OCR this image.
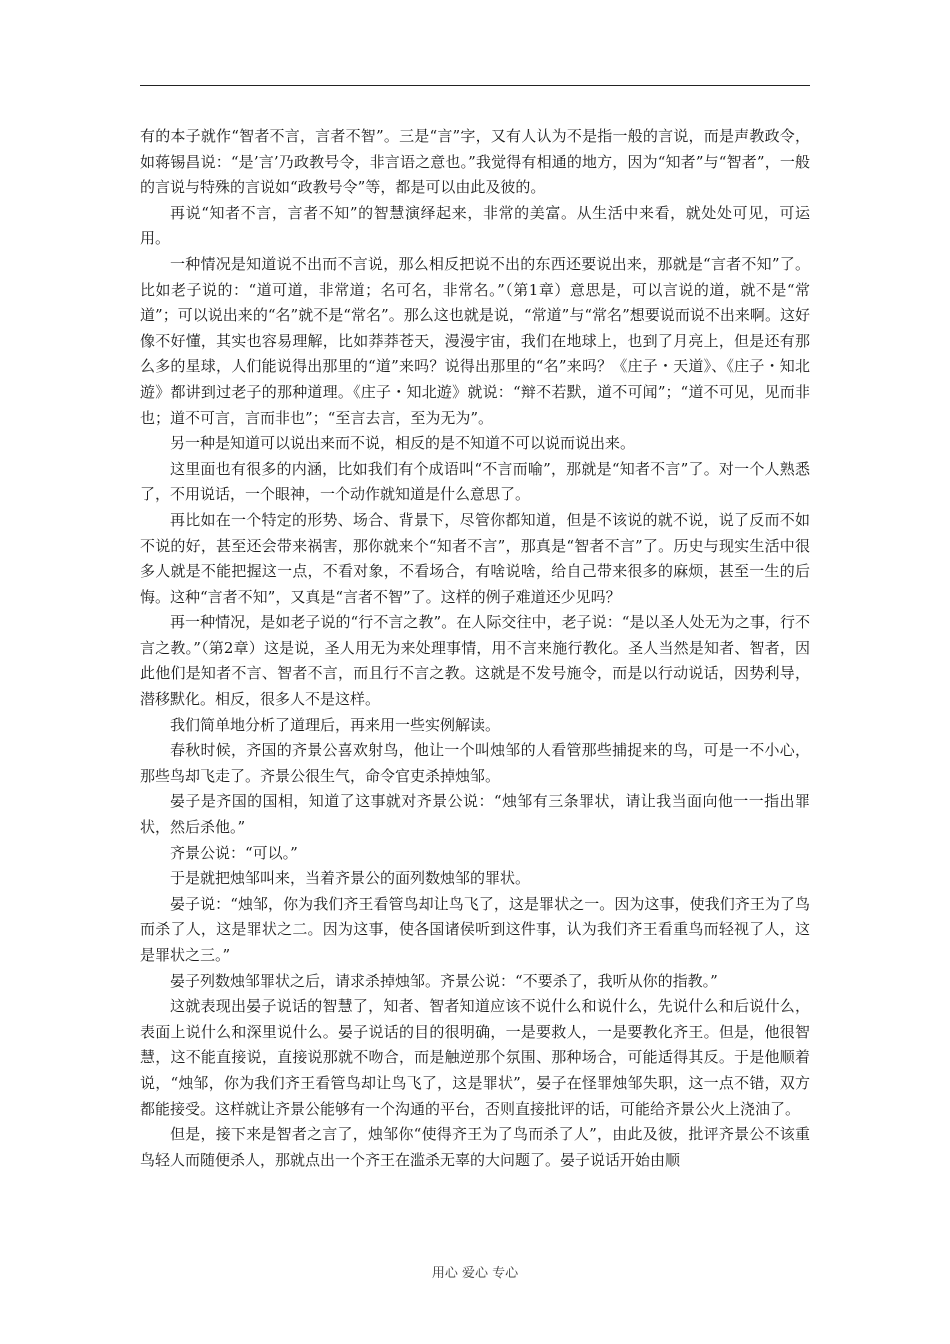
有的本子就作“智者不言，言者不智”。三是“言”字，又有人认为不是指一般的言说，而是声教政令，如蒋锡昌说：“是’言’乃政教号令，非言语之意也。”我觉得有相通的地方，因为“知者”与“智者”，一般的言说与特殊的言说如“政教号令”等，都是可以由此及彼的。

再说“知者不言，言者不知”的智慧演绎起来，非常的美富。从生活中来看，就处处可见，可运用。

一种情况是知道说不出而不言说，那么相反把说不出的东西还要说出来，那就是“言者不知”了。比如老子说的：“道可道，非常道；名可名，非常名。”（第1章）意思是，可以言说的道，就不是“常道”；可以说出来的“名”就不是“常名”。那么这也就是说，“常道”与“常名”想要说而说不出来啊。这好像不好懂，其实也容易理解，比如莽莽苍天，漫漫宇宙，我们在地球上，也到了月亮上，但是还有那么多的星球，人们能说得出那里的“道”来吗？说得出那里的“名”来吗？《庄子・天道》、《庄子・知北遊》都讲到过老子的那种道理。《庄子・知北遊》就说：“辩不若默，道不可闻”；“道不可见，见而非也；道不可言，言而非也”；“至言去言，至为无为”。

另一种是知道可以说出来而不说，相反的是不知道不可以说而说出来。

这里面也有很多的内涵，比如我们有个成语叫“不言而喻”，那就是“知者不言”了。对一个人熟悉了，不用说话，一个眼神，一个动作就知道是什么意思了。

再比如在一个特定的形势、场合、背景下，尽管你都知道，但是不该说的就不说，说了反而不如不说的好，甚至还会带来祸害，那你就来个“知者不言”，那真是“智者不言”了。历史与现实生活中很多人就是不能把握这一点，不看对象，不看场合，有啥说啥，给自己带来很多的麻烦，甚至一生的后悔。这种“言者不知”，又真是“言者不智”了。这样的例子难道还少见吗？

再一种情况，是如老子说的“行不言之教”。在人际交往中，老子说：“是以圣人处无为之事，行不言之教。”（第2章）这是说，圣人用无为来处理事情，用不言来施行教化。圣人当然是知者、智者，因此他们是知者不言、智者不言，而且行不言之教。这就是不发号施令，而是以行动说话，因势利导，潜移默化。相反，很多人不是这样。

我们简单地分析了道理后，再来用一些实例解读。

春秋时候，齐国的齐景公喜欢射鸟，他让一个叫烛邹的人看管那些捕捉来的鸟，可是一不小心，那些鸟却飞走了。齐景公很生气，命令官吏杀掉烛邹。

晏子是齐国的国相，知道了这事就对齐景公说：“烛邹有三条罪状，请让我当面向他一一指出罪状，然后杀他。”

齐景公说：“可以。”

于是就把烛邹叫来，当着齐景公的面列数烛邹的罪状。

晏子说：“烛邹，你为我们齐王看管鸟却让鸟飞了，这是罪状之一。因为这事，使我们齐王为了鸟而杀了人，这是罪状之二。因为这事，使各国诸侯听到这件事，认为我们齐王看重鸟而轻视了人，这是罪状之三。”

晏子列数烛邹罪状之后，请求杀掉烛邹。齐景公说：“不要杀了，我听从你的指教。”

这就表现出晏子说话的智慧了，知者、智者知道应该不说什么和说什么，先说什么和后说什么，表面上说什么和深里说什么。晏子说话的目的很明确，一是要救人，一是要教化齐王。但是，他很智慧，这不能直接说，直接说那就不吻合，而是触逆那个氛围、那种场合，可能适得其反。于是他顺着说，“烛邹，你为我们齐王看管鸟却让鸟飞了，这是罪状”，晏子在怪罪烛邹失职，这一点不错，双方都能接受。这样就让齐景公能够有一个沟通的平台，否则直接批评的话，可能给齐景公火上浇油了。

但是，接下来是智者之言了，烛邹你“使得齐王为了鸟而杀了人”，由此及彼，批评齐景公不该重鸟轻人而随便杀人，那就点出一个齐王在滥杀无辜的大问题了。晏子说话开始由顺

用心 爱心 专心
